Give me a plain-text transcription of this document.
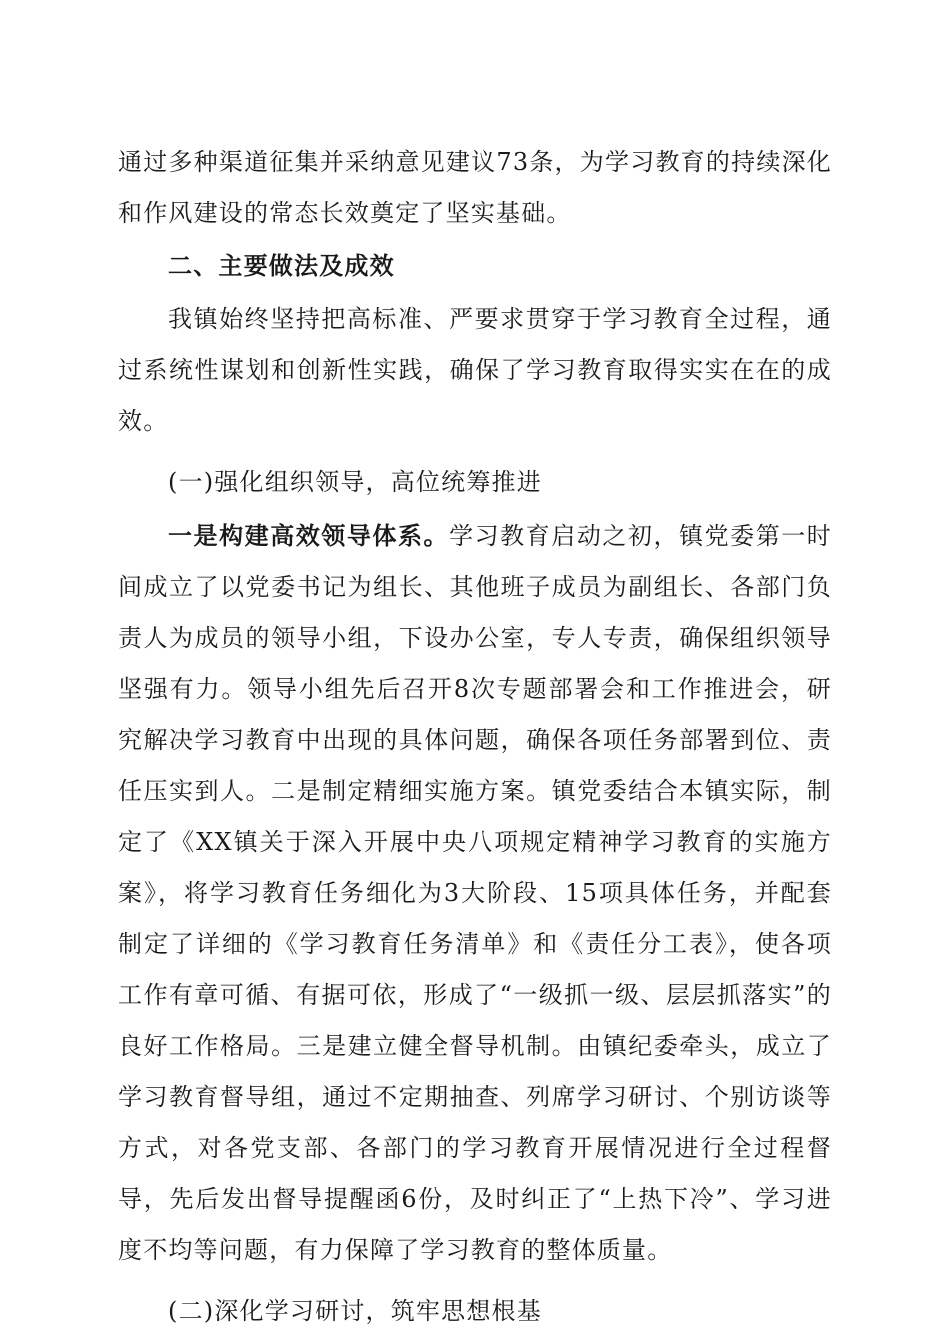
通过多种渠道征集并采纳意见建议73条，为学习教育的持续深化和作风建设的常态长效奠定了坚实基础。

二、主要做法及成效

我镇始终坚持把高标准、严要求贯穿于学习教育全过程，通过系统性谋划和创新性实践，确保了学习教育取得实实在在的成效。

(一)强化组织领导，高位统筹推进

一是构建高效领导体系。学习教育启动之初，镇党委第一时间成立了以党委书记为组长、其他班子成员为副组长、各部门负责人为成员的领导小组，下设办公室，专人专责，确保组织领导坚强有力。领导小组先后召开8次专题部署会和工作推进会，研究解决学习教育中出现的具体问题，确保各项任务部署到位、责任压实到人。二是制定精细实施方案。镇党委结合本镇实际，制定了《XX镇关于深入开展中央八项规定精神学习教育的实施方案》，将学习教育任务细化为3大阶段、15项具体任务，并配套制定了详细的《学习教育任务清单》和《责任分工表》，使各项工作有章可循、有据可依，形成了“一级抓一级、层层抓落实”的良好工作格局。三是建立健全督导机制。由镇纪委牵头，成立了学习教育督导组，通过不定期抽查、列席学习研讨、个别访谈等方式，对各党支部、各部门的学习教育开展情况进行全过程督导，先后发出督导提醒函6份，及时纠正了“上热下冷”、学习进度不均等问题，有力保障了学习教育的整体质量。

(二)深化学习研讨，筑牢思想根基
